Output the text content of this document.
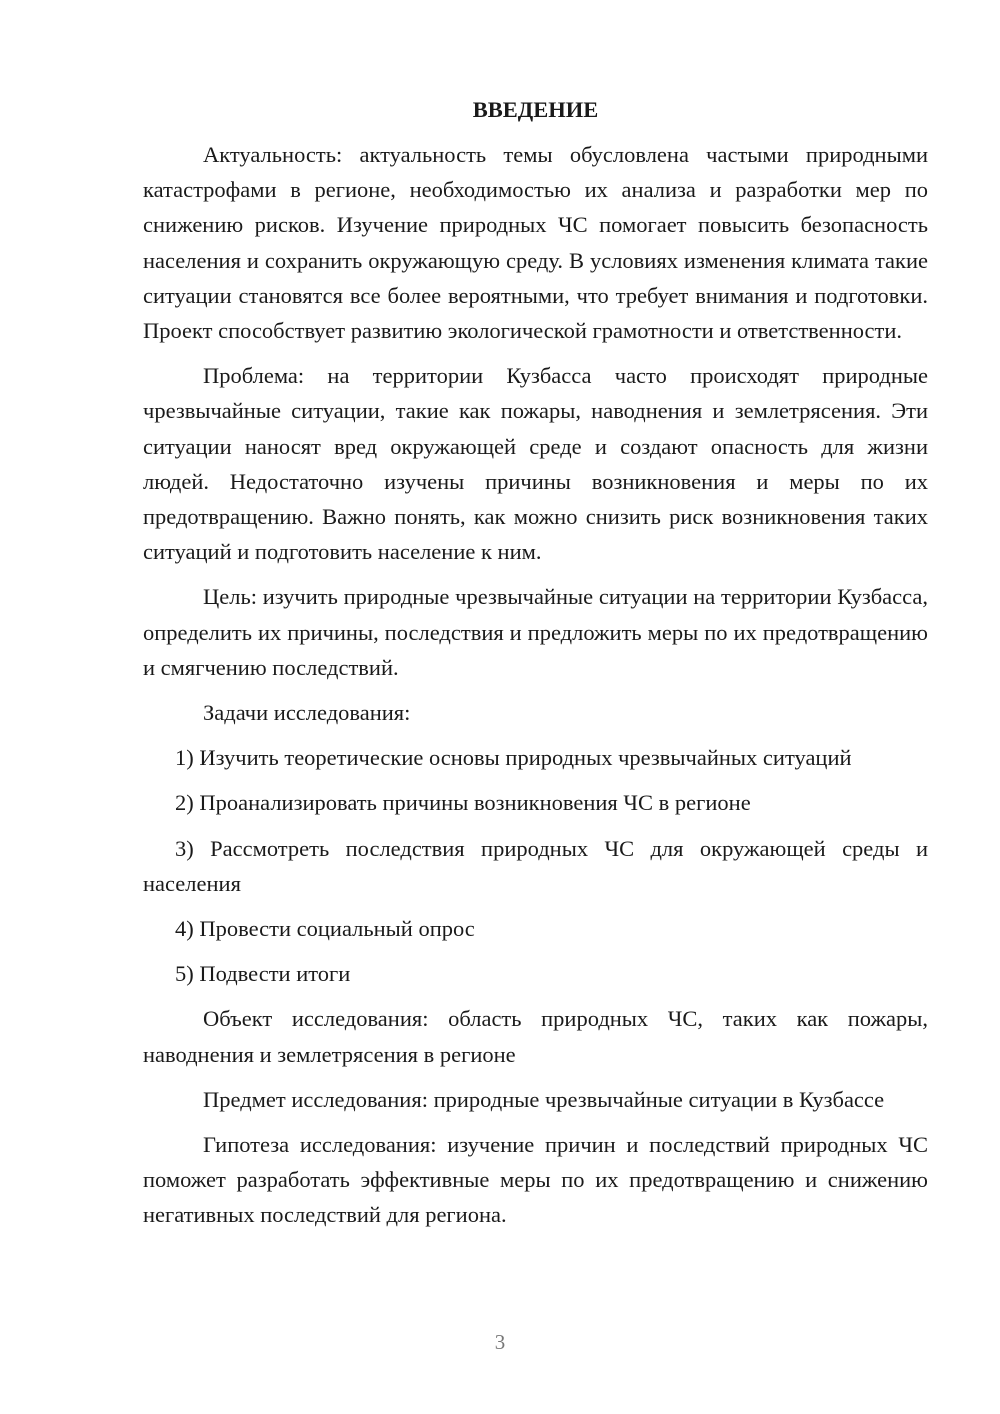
ВВЕДЕНИЕ

Актуальность: актуальность темы обусловлена частыми природными катастрофами в регионе, необходимостью их анализа и разработки мер по снижению рисков. Изучение природных ЧС помогает повысить безопасность населения и сохранить окружающую среду. В условиях изменения климата такие ситуации становятся все более вероятными, что требует внимания и подготовки. Проект способствует развитию экологической грамотности и ответственности.

Проблема: на территории Кузбасса часто происходят природные чрезвычайные ситуации, такие как пожары, наводнения и землетрясения. Эти ситуации наносят вред окружающей среде и создают опасность для жизни людей. Недостаточно изучены причины возникновения и меры по их предотвращению. Важно понять, как можно снизить риск возникновения таких ситуаций и подготовить население к ним.

Цель: изучить природные чрезвычайные ситуации на территории Кузбасса, определить их причины, последствия и предложить меры по их предотвращению и смягчению последствий.

Задачи исследования:

1) Изучить теоретические основы природных чрезвычайных ситуаций

2) Проанализировать причины возникновения ЧС в регионе

3) Рассмотреть последствия природных ЧС для окружающей среды и населения

4) Провести социальный опрос

5) Подвести итоги

Объект исследования: область природных ЧС, таких как пожары, наводнения и землетрясения в регионе

Предмет исследования: природные чрезвычайные ситуации в Кузбассе

Гипотеза исследования: изучение причин и последствий природных ЧС поможет разработать эффективные меры по их предотвращению и снижению негативных последствий для региона.

3
